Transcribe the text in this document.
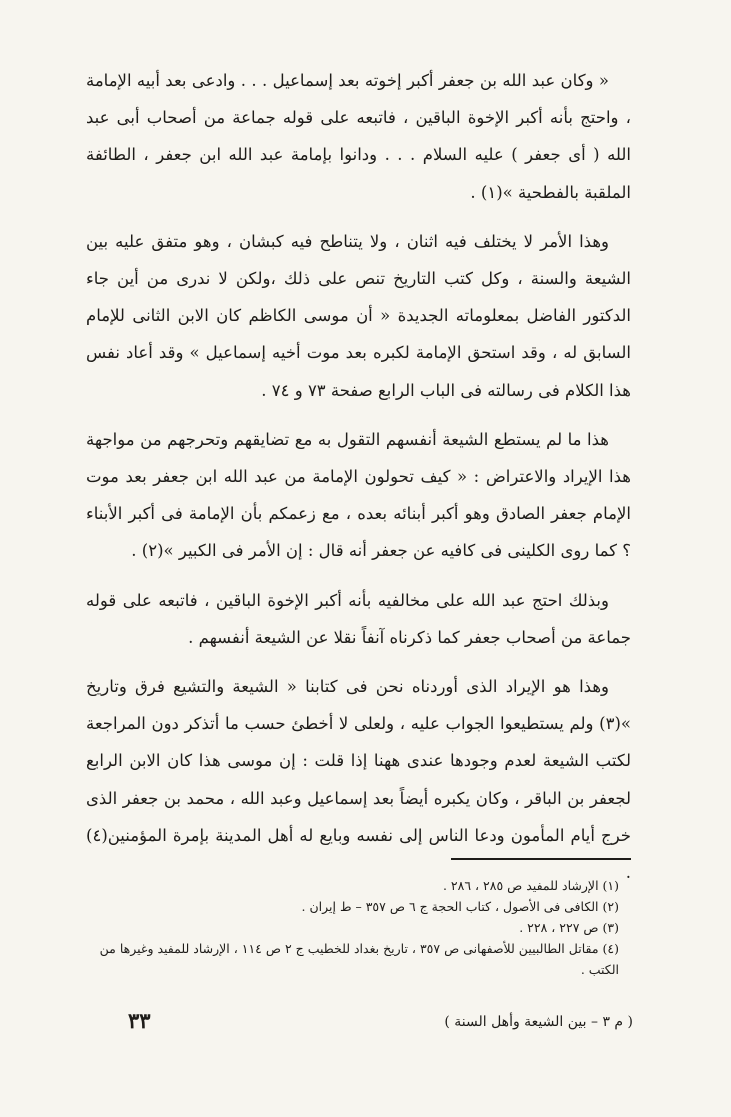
« وكان عبد الله بن جعفر أكبر إخوته بعد إسماعيل . . . وادعى بعد أبيه الإمامة ، واحتج بأنه أكبر الإخوة الباقين ، فاتبعه على قوله جماعة من أصحاب أبى عبد الله ( أى جعفر ) عليه السلام . . . ودانوا بإمامة عبد الله ابن جعفر ، الطائفة الملقبة بالفطحية »(١) .

وهذا الأمر لا يختلف فيه اثنان ، ولا يتناطح فيه كبشان ، وهو متفق عليه بين الشيعة والسنة ، وكل كتب التاريخ تنص على ذلك ،ولكن لا ندرى من أين جاء الدكتور الفاضل بمعلوماته الجديدة « أن موسى الكاظم كان الابن الثانى للإمام السابق له ، وقد استحق الإمامة لكبره بعد موت أخيه إسماعيل » وقد أعاد نفس هذا الكلام فى رسالته فى الباب الرابع صفحة ٧٣ و ٧٤ .

هذا ما لم يستطع الشيعة أنفسهم التقول به مع تضايقهم وتحرجهم من مواجهة هذا الإيراد والاعتراض : « كيف تحولون الإمامة من عبد الله ابن جعفر بعد موت الإمام جعفر الصادق وهو أكبر أبنائه بعده ، مع زعمكم بأن الإمامة فى أكبر الأبناء ؟ كما روى الكلينى فى كافيه عن جعفر أنه قال : إن الأمر فى الكبير »(٢) .

وبذلك احتج عبد الله على مخالفيه بأنه أكبر الإخوة الباقين ، فاتبعه على قوله جماعة من أصحاب جعفر كما ذكرناه آنفاً نقلا عن الشيعة أنفسهم .

وهذا هو الإيراد الذى أوردناه نحن فى كتابنا « الشيعة والتشيع فرق وتاريخ »(٣) ولم يستطيعوا الجواب عليه ، ولعلى لا أخطئ حسب ما أتذكر دون المراجعة لكتب الشيعة لعدم وجودها عندى ههنا إذا قلت : إن موسى هذا كان الابن الرابع لجعفر بن الباقر ، وكان يكبره أيضاً بعد إسماعيل وعبد الله ، محمد بن جعفر الذى خرج أيام المأمون ودعا الناس إلى نفسه وبايع له أهل المدينة بإمرة المؤمنين(٤) .

(١) الإرشاد للمفيد ص ٢٨٥ ، ٢٨٦ .

(٢) الكافى فى الأصول ، كتاب الحجة ج ٦ ص ٣٥٧ – ط إيران .

(٣) ص ٢٢٧ ، ٢٢٨ .

(٤) مقاتل الطالبيين للأصفهانى ص ٣٥٧ ، تاريخ بغداد للخطيب ج ٢ ص ١١٤ ، الإرشاد للمفيد وغيرها من الكتب .

٣٣	( م ٣ – بين الشيعة وأهل السنة )
